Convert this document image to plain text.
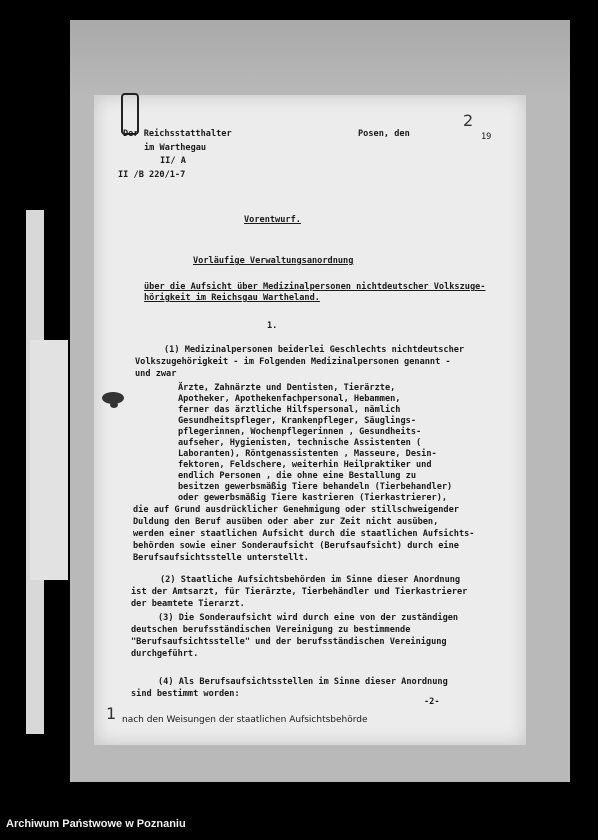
Der Reichsstatthalter
im Warthegau
II/ A
II /B 220/1-7
Posen, den	19
2
Vorentwurf.
Vorläufige Verwaltungsanordnung
über die Aufsicht über Medizinalpersonen nichtdeutscher Volkszuge-
hörigkeit im Reichsgau Wartheland.
1.
(1) Medizinalpersonen beiderlei Geschlechts nichtdeutscher
Volkszugehörigkeit - im Folgenden Medizinalpersonen genannt -
und zwar
Ärzte, Zahnärzte und Dentisten, Tierärzte,
Apotheker, Apothekenfachpersonal, Hebammen,
ferner das ärztliche Hilfspersonal, nämlich
Gesundheitspfleger, Krankenpfleger, Säuglings-
pflegerinnen, Wochenpflegerinnen , Gesundheits-
aufseher, Hygienisten, technische Assistenten (
Laboranten), Röntgenassistenten , Masseure, Desin-
fektoren, Feldschere, weiterhin Heilpraktiker und
endlich Personen , die ohne eine Bestallung zu
besitzen gewerbsmäßig Tiere behandeln (Tierbehandler)
oder gewerbsmäßig Tiere kastrieren (Tierkastrierer),
die auf Grund ausdrücklicher Genehmigung oder stillschweigender
Duldung den Beruf ausüben oder aber zur Zeit nicht ausüben,
werden einer staatlichen Aufsicht durch die staatlichen Aufsichts-
behörden sowie einer Sonderaufsicht (Berufsaufsicht) durch eine
Berufsaufsichtsstelle unterstellt.
(2) Staatliche Aufsichtsbehörden im Sinne dieser Anordnung
ist der Amtsarzt, für Tierärzte, Tierbehändler und Tierkastrierer
der beamtete Tierarzt.
(3) Die Sonderaufsicht wird durch eine von der zuständigen
deutschen berufsständischen Vereinigung zu bestimmende
"Berufsaufsichtsstelle" und der berufsständischen Vereinigung
durchgeführt.
(4) Als Berufsaufsichtsstellen im Sinne dieser Anordnung
sind bestimmt worden:
-2-
1 nach den Weisungen der staatlichen Aufsichtsbehörde
Archiwum Państwowe w Poznaniu
